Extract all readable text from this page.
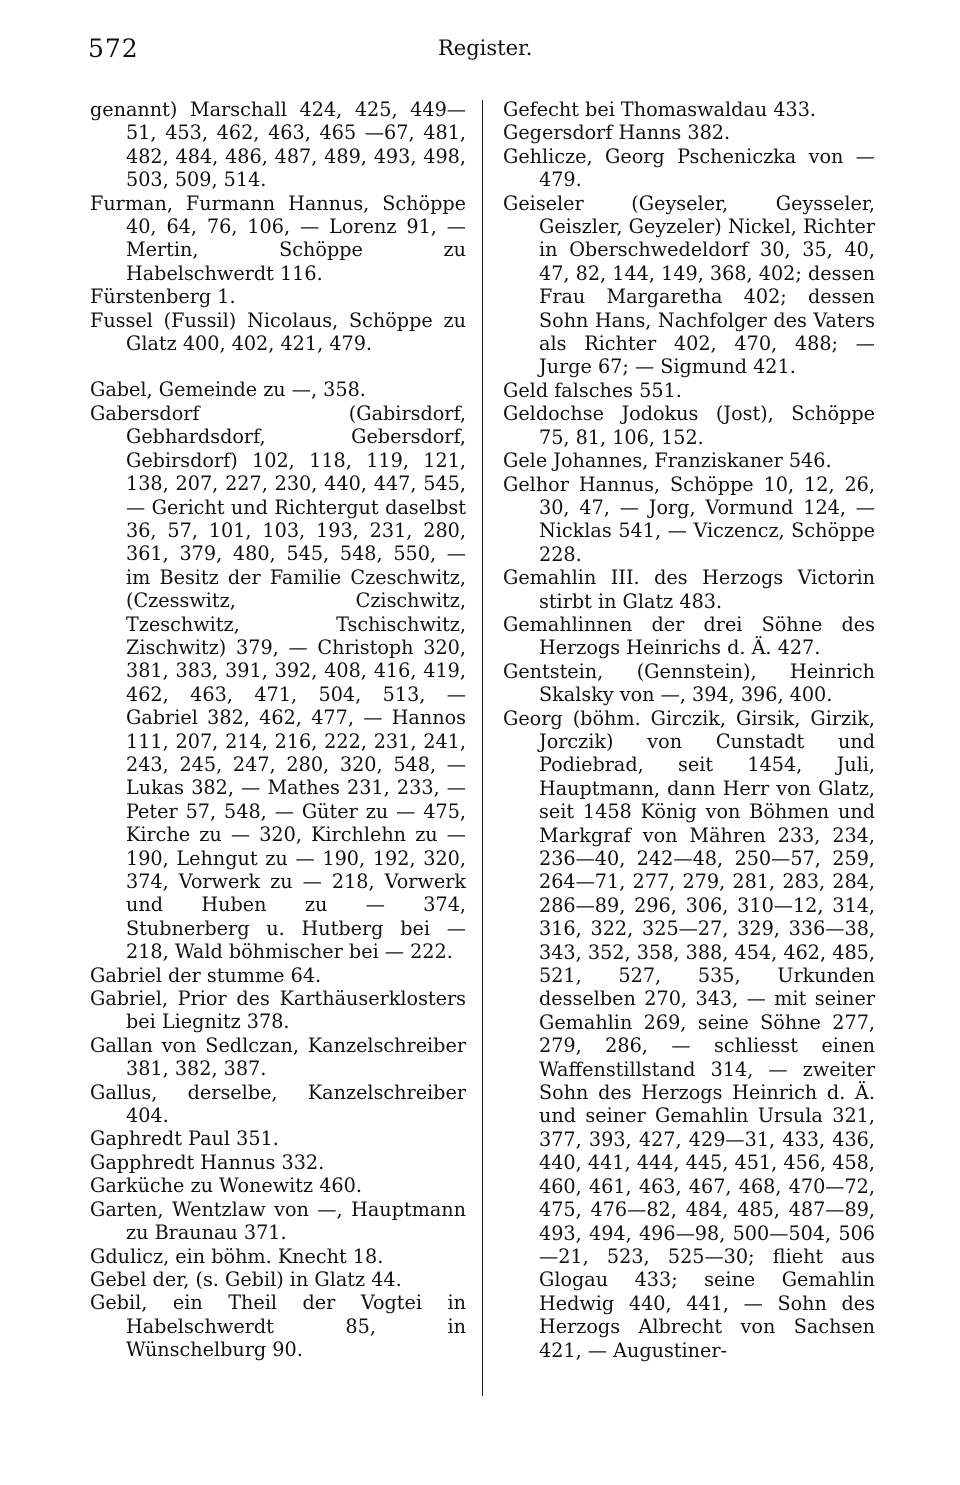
572	Register.

genannt) Marschall 424, 425, 449—51, 453, 462, 463, 465 —67, 481, 482, 484, 486, 487, 489, 493, 498, 503, 509, 514.

Furman, Furmann Hannus, Schöppe 40, 64, 76, 106, — Lorenz 91, — Mertin, Schöppe zu Habelschwerdt 116.

Fürstenberg 1.

Fussel (Fussil) Nicolaus, Schöppe zu Glatz 400, 402, 421, 479.

Gabel, Gemeinde zu —, 358.

Gabersdorf (Gabirsdorf, Gebhardsdorf, Gebersdorf, Gebirsdorf) 102, 118, 119, 121, 138, 207, 227, 230, 440, 447, 545, — Gericht und Richtergut daselbst 36, 57, 101, 103, 193, 231, 280, 361, 379, 480, 545, 548, 550, — im Besitz der Familie Czeschwitz, (Czesswitz, Czischwitz, Tzeschwitz, Tschischwitz, Zischwitz) 379, — Christoph 320, 381, 383, 391, 392, 408, 416, 419, 462, 463, 471, 504, 513, — Gabriel 382, 462, 477, — Hannos 111, 207, 214, 216, 222, 231, 241, 243, 245, 247, 280, 320, 548, — Lukas 382, — Mathes 231, 233, — Peter 57, 548, — Güter zu — 475, Kirche zu — 320, Kirchlehn zu — 190, Lehngut zu — 190, 192, 320, 374, Vorwerk zu — 218, Vorwerk und Huben zu — 374, Stubnerberg u. Hutberg bei — 218, Wald böhmischer bei — 222.

Gabriel der stumme 64.

Gabriel, Prior des Karthäuserklosters bei Liegnitz 378.

Gallan von Sedlczan, Kanzelschreiber 381, 382, 387.

Gallus, derselbe, Kanzelschreiber 404.

Gaphredt Paul 351.

Gapphredt Hannus 332.

Garküche zu Wonewitz 460.

Garten, Wentzlaw von —, Hauptmann zu Braunau 371.

Gdulicz, ein böhm. Knecht 18.

Gebel der, (s. Gebil) in Glatz 44.

Gebil, ein Theil der Vogtei in Habelschwerdt 85, in Wünschelburg 90.

Gefecht bei Thomaswaldau 433.

Gegersdorf Hanns 382.

Gehlicze, Georg Pscheniczka von — 479.

Geiseler (Geyseler, Geysseler, Geiszler, Geyzeler) Nickel, Richter in Oberschwedeldorf 30, 35, 40, 47, 82, 144, 149, 368, 402; dessen Frau Margaretha 402; dessen Sohn Hans, Nachfolger des Vaters als Richter 402, 470, 488; — Jurge 67; — Sigmund 421.

Geld falsches 551.

Geldochse Jodokus (Jost), Schöppe 75, 81, 106, 152.

Gele Johannes, Franziskaner 546.

Gelhor Hannus, Schöppe 10, 12, 26, 30, 47, — Jorg, Vormund 124, — Nicklas 541, — Viczencz, Schöppe 228.

Gemahlin III. des Herzogs Victorin stirbt in Glatz 483.

Gemahlinnen der drei Söhne des Herzogs Heinrichs d. Ä. 427.

Gentstein, (Gennstein), Heinrich Skalsky von —, 394, 396, 400.

Georg (böhm. Girczik, Girsik, Girzik, Jorczik) von Cunstadt und Podiebrad, seit 1454, Juli, Hauptmann, dann Herr von Glatz, seit 1458 König von Böhmen und Markgraf von Mähren 233, 234, 236—40, 242—48, 250—57, 259, 264—71, 277, 279, 281, 283, 284, 286—89, 296, 306, 310—12, 314, 316, 322, 325—27, 329, 336—38, 343, 352, 358, 388, 454, 462, 485, 521, 527, 535, Urkunden desselben 270, 343, — mit seiner Gemahlin 269, seine Söhne 277, 279, 286, — schliesst einen Waffenstillstand 314, — zweiter Sohn des Herzogs Heinrich d. Ä. und seiner Gemahlin Ursula 321, 377, 393, 427, 429—31, 433, 436, 440, 441, 444, 445, 451, 456, 458, 460, 461, 463, 467, 468, 470—72, 475, 476—82, 484, 485, 487—89, 493, 494, 496—98, 500—504, 506—21, 523, 525—30; flieht aus Glogau 433; seine Gemahlin Hedwig 440, 441, — Sohn des Herzogs Albrecht von Sachsen 421, — Augustiner-
